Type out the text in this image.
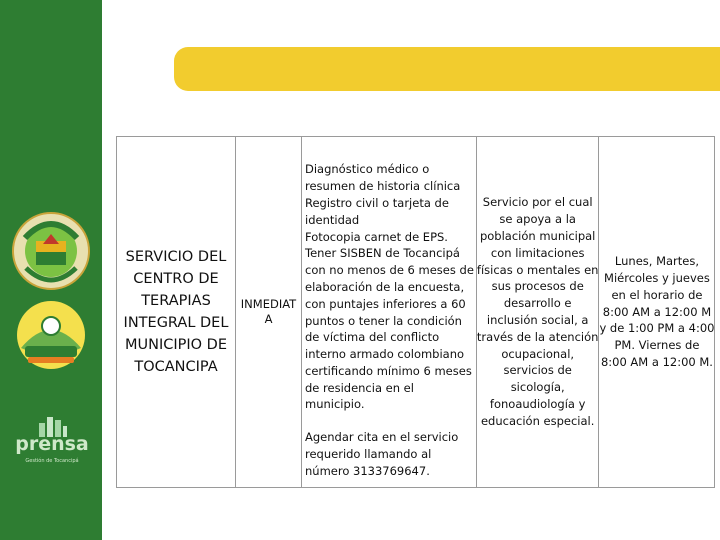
prensa
Gestión de Tocancipá
SERVICIO DEL
CENTRO DE
TERAPIAS
INTEGRAL DEL
MUNICIPIO DE
TOCANCIPA

INMEDIAT
A

Diagnóstico médico o
resumen de historia clínica
Registro civil o tarjeta de
identidad
Fotocopia carnet de EPS.
Tener SISBEN de Tocancipá
con no menos de 6 meses de
elaboración de la encuesta,
con puntajes inferiores a 60
puntos o tener la condición
de víctima del conflicto
interno armado colombiano
certificando mínimo 6 meses
de residencia en el
municipio.
Agendar cita en el servicio
requerido llamando al
número 3133769647.

Servicio por el cual
se apoya a la
población municipal
con limitaciones
físicas o mentales en
sus procesos de
desarrollo e
inclusión social, a
través de la atención
ocupacional,
servicios de
sicología,
fonoaudiología y
educación especial.

Lunes, Martes,
Miércoles y jueves
en el horario de
8:00 AM a 12:00 M
y de 1:00 PM a 4:00
PM. Viernes de
8:00 AM a 12:00 M.
